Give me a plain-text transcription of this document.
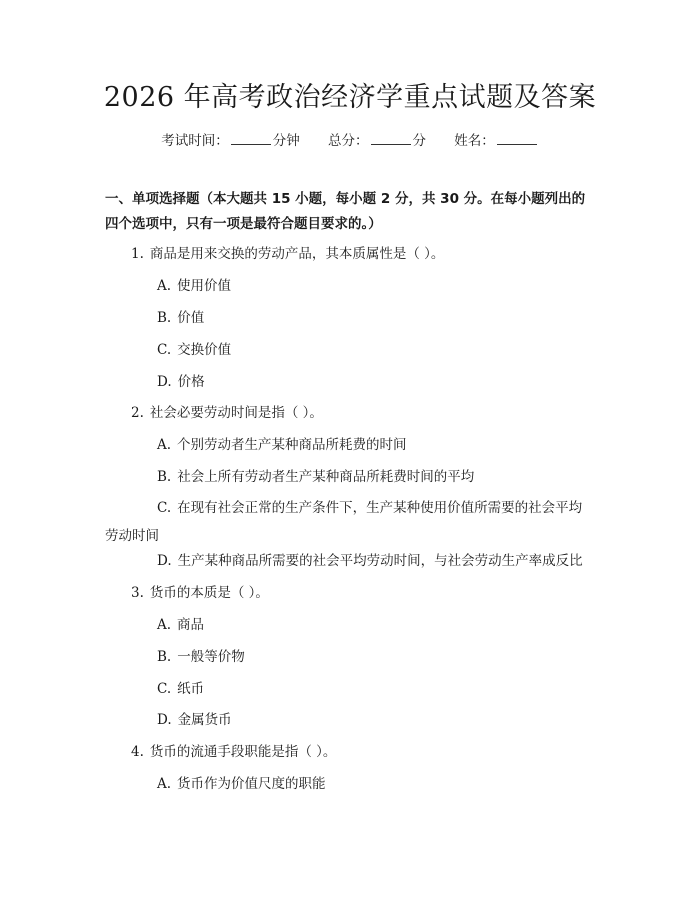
2026 年高考政治经济学重点试题及答案
考试时间：	分钟 总分：	分 姓名：
一、单项选择题（本大题共 15 小题，每小题 2 分，共 30 分。在每小题列出的四个选项中，只有一项是最符合题目要求的。）
1. 商品是用来交换的劳动产品，其本质属性是（ ）。
A. 使用价值
B. 价值
C. 交换价值
D. 价格
2. 社会必要劳动时间是指（ ）。
A. 个别劳动者生产某种商品所耗费的时间
B. 社会上所有劳动者生产某种商品所耗费时间的平均
C. 在现有社会正常的生产条件下，生产某种使用价值所需要的社会平均劳动时间
D. 生产某种商品所需要的社会平均劳动时间，与社会劳动生产率成反比
3. 货币的本质是（ ）。
A. 商品
B. 一般等价物
C. 纸币
D. 金属货币
4. 货币的流通手段职能是指（ ）。
A. 货币作为价值尺度的职能
